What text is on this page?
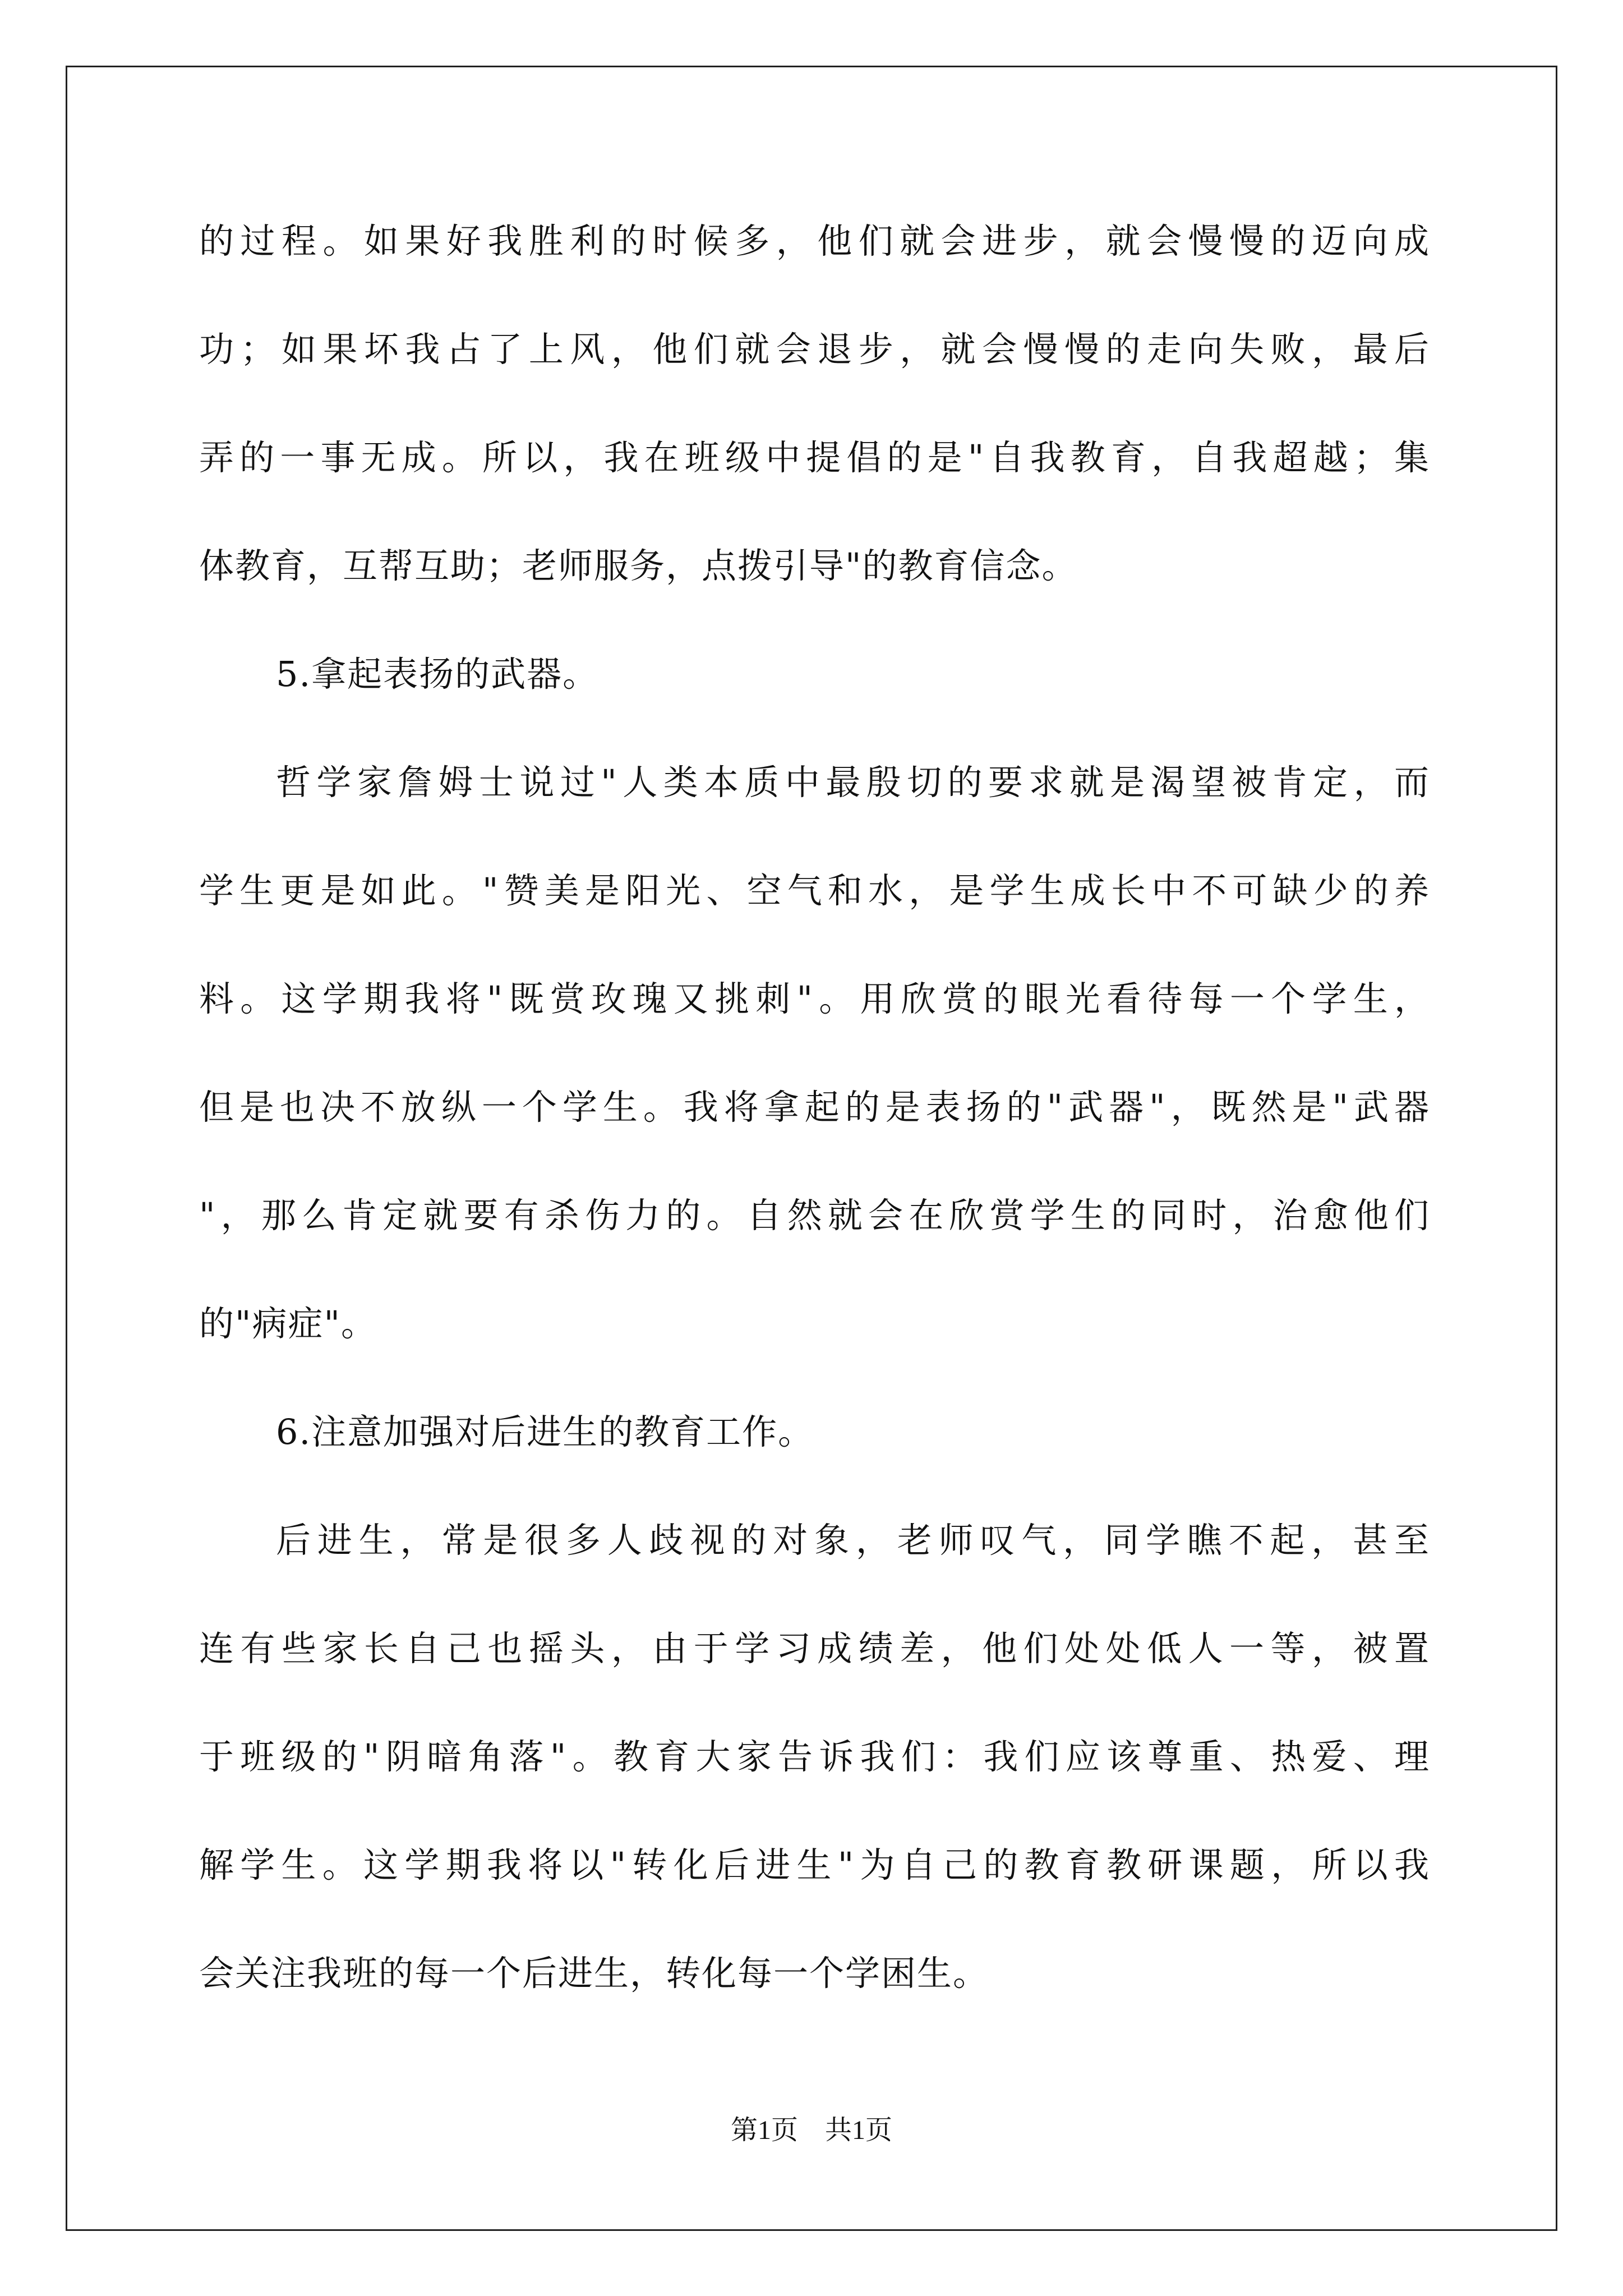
的过程。如果好我胜利的时候多，他们就会进步，就会慢慢的迈向成
功；如果坏我占了上风，他们就会退步，就会慢慢的走向失败，最后
弄的一事无成。所以，我在班级中提倡的是"自我教育，自我超越；集
体教育，互帮互助；老师服务，点拨引导"的教育信念。
5.拿起表扬的武器。
哲学家詹姆士说过"人类本质中最殷切的要求就是渴望被肯定，而
学生更是如此。"赞美是阳光、空气和水，是学生成长中不可缺少的养
料。这学期我将"既赏玫瑰又挑刺"。用欣赏的眼光看待每一个学生，
但是也决不放纵一个学生。我将拿起的是表扬的"武器"，既然是"武器
"，那么肯定就要有杀伤力的。自然就会在欣赏学生的同时，治愈他们
的"病症"。
6.注意加强对后进生的教育工作。
后进生，常是很多人歧视的对象，老师叹气，同学瞧不起，甚至
连有些家长自己也摇头，由于学习成绩差，他们处处低人一等，被置
于班级的"阴暗角落"。教育大家告诉我们：我们应该尊重、热爱、理
解学生。这学期我将以"转化后进生"为自己的教育教研课题，所以我
会关注我班的每一个后进生，转化每一个学困生。
第1页　共1页
